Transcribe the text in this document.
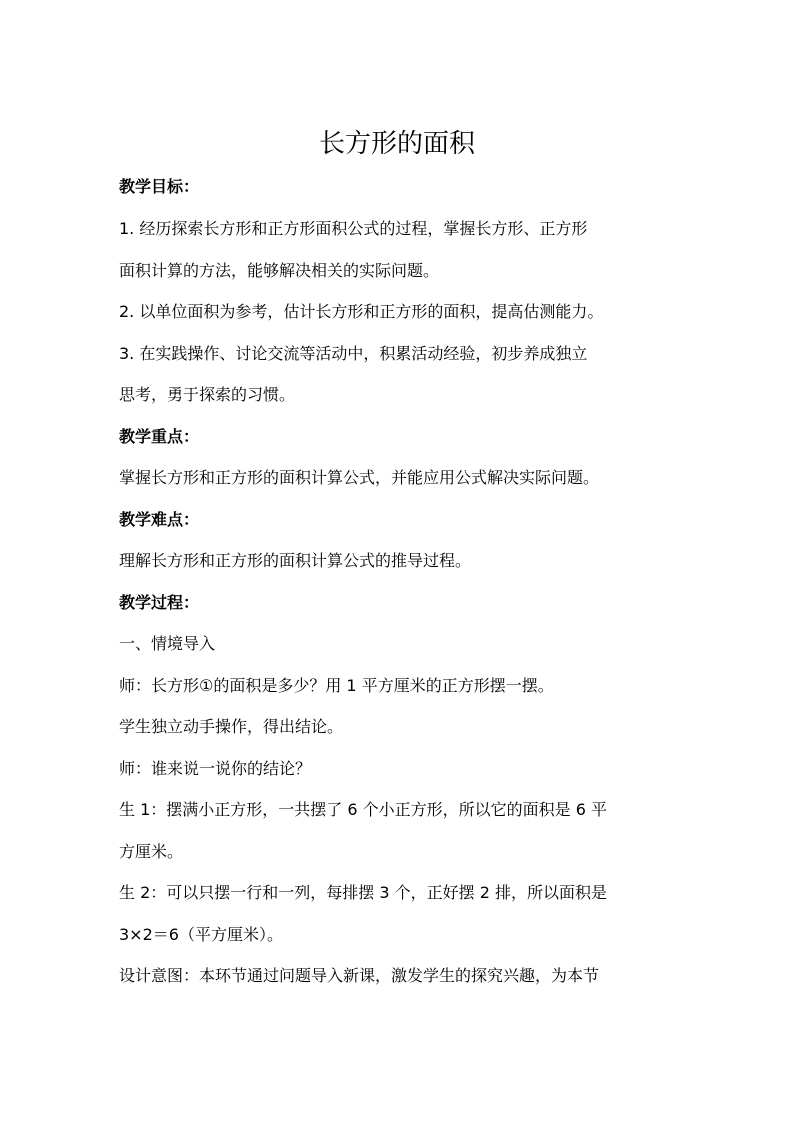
长方形的面积
教学目标：
1. 经历探索长方形和正方形面积公式的过程，掌握长方形、正方形
面积计算的方法，能够解决相关的实际问题。
2. 以单位面积为参考，估计长方形和正方形的面积，提高估测能力。
3. 在实践操作、讨论交流等活动中，积累活动经验，初步养成独立
思考，勇于探索的习惯。
教学重点：
掌握长方形和正方形的面积计算公式，并能应用公式解决实际问题。
教学难点：
理解长方形和正方形的面积计算公式的推导过程。
教学过程：
一、情境导入
师：长方形①的面积是多少？用 1 平方厘米的正方形摆一摆。
学生独立动手操作，得出结论。
师：谁来说一说你的结论？
生 1：摆满小正方形，一共摆了 6 个小正方形，所以它的面积是 6 平
方厘米。
生 2：可以只摆一行和一列，每排摆 3 个，正好摆 2 排，所以面积是
3×2＝6（平方厘米）。
设计意图：本环节通过问题导入新课，激发学生的探究兴趣，为本节
